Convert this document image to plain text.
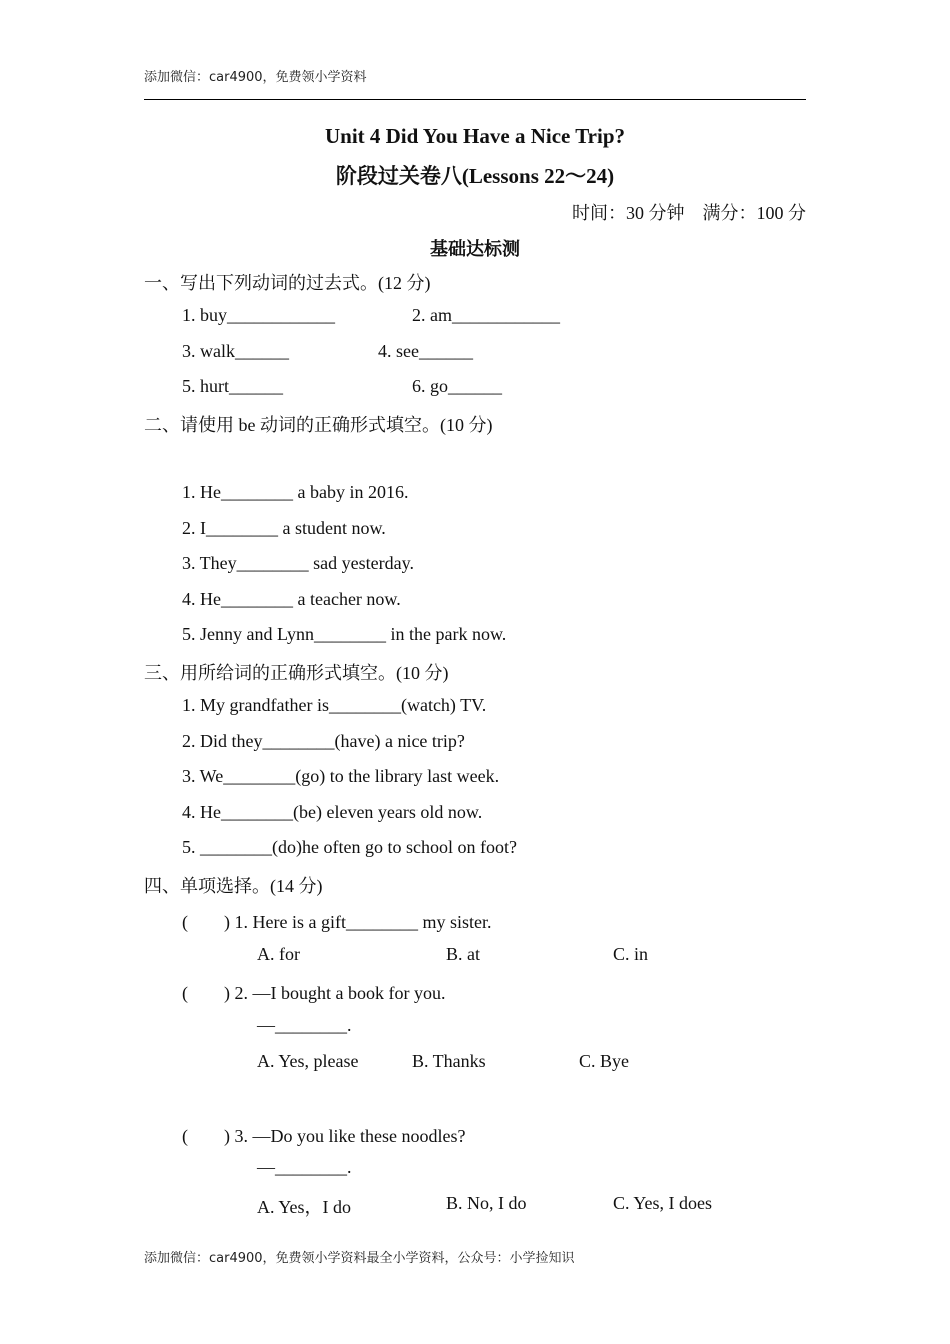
添加微信：car4900，免费领小学资料
Unit 4 Did You Have a Nice Trip?
阶段过关卷八(Lessons 22～24)
时间：30 分钟　满分：100 分
基础达标测
一、写出下列动词的过去式。(12 分)
1. buy____________	2. am____________
3. walk______	4. see______
5. hurt______	6. go______
二、请使用 be 动词的正确形式填空。(10 分)
1. He________ a baby in 2016.
2. I________ a student now.
3. They________ sad yesterday.
4. He________ a teacher now.
5. Jenny and Lynn________ in the park now.
三、用所给词的正确形式填空。(10 分)
1. My grandfather is________(watch) TV.
2. Did they________(have) a nice trip?
3. We________(go) to the library last week.
4. He________(be) eleven years old now.
5. ________(do)he often go to school on foot?
四、单项选择。(14 分)
(　　) 1. Here is a gift________ my sister.
A. for	B. at	C. in
(　　) 2. —I bought a book for you.
—________.
A. Yes, please	B. Thanks	C. Bye
(　　) 3. —Do you like these noodles?
—________.
A. Yes，I do	B. No, I do	C. Yes, I does
添加微信：car4900，免费领小学资料最全小学资料，公众号：小学捡知识
